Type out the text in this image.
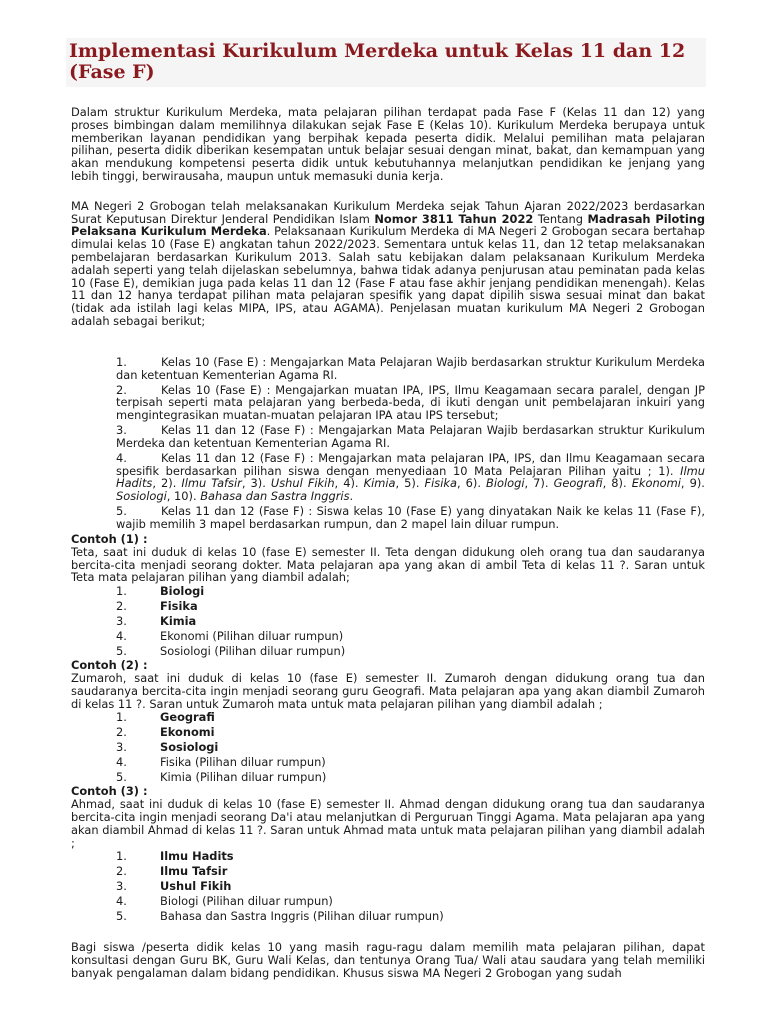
Implementasi Kurikulum Merdeka untuk Kelas 11 dan 12 (Fase F)

Dalam struktur Kurikulum Merdeka, mata pelajaran pilihan terdapat pada Fase F (Kelas 11 dan 12) yang proses bimbingan dalam memilihnya dilakukan sejak Fase E (Kelas 10). Kurikulum Merdeka berupaya untuk memberikan layanan pendidikan yang berpihak kepada peserta didik. Melalui pemilihan mata pelajaran pilihan, peserta didik diberikan kesempatan untuk belajar sesuai dengan minat, bakat, dan kemampuan yang akan mendukung kompetensi peserta didik untuk kebutuhannya melanjutkan pendidikan ke jenjang yang lebih tinggi, berwirausaha, maupun untuk memasuki dunia kerja.

MA Negeri 2 Grobogan telah melaksanakan Kurikulum Merdeka sejak Tahun Ajaran 2022/2023 berdasarkan Surat Keputusan Direktur Jenderal Pendidikan Islam Nomor 3811 Tahun 2022 Tentang Madrasah Piloting Pelaksana Kurikulum Merdeka. Pelaksanaan Kurikulum Merdeka di MA Negeri 2 Grobogan secara bertahap dimulai kelas 10 (Fase E) angkatan tahun 2022/2023. Sementara untuk kelas 11, dan 12 tetap melaksanakan pembelajaran berdasarkan Kurikulum 2013. Salah satu kebijakan dalam pelaksanaan Kurikulum Merdeka adalah seperti yang telah dijelaskan sebelumnya, bahwa tidak adanya penjurusan atau peminatan pada kelas 10 (Fase E), demikian juga pada kelas 11 dan 12 (Fase F atau fase akhir jenjang pendidikan menengah). Kelas 11 dan 12 hanya terdapat pilihan mata pelajaran spesifik yang dapat dipilih siswa sesuai minat dan bakat (tidak ada istilah lagi kelas MIPA, IPS, atau AGAMA). Penjelasan muatan kurikulum MA Negeri 2 Grobogan adalah sebagai berikut;

1.	Kelas 10 (Fase E) : Mengajarkan Mata Pelajaran Wajib berdasarkan struktur Kurikulum Merdeka dan ketentuan Kementerian Agama RI.
2.	Kelas 10 (Fase E) : Mengajarkan muatan IPA, IPS, Ilmu Keagamaan secara paralel, dengan JP terpisah seperti mata pelajaran yang berbeda-beda, di ikuti dengan unit pembelajaran inkuiri yang mengintegrasikan muatan-muatan pelajaran IPA atau IPS tersebut;
3.	Kelas 11 dan 12 (Fase F) : Mengajarkan Mata Pelajaran Wajib berdasarkan struktur Kurikulum Merdeka dan ketentuan Kementerian Agama RI.
4.	Kelas 11 dan 12 (Fase F) : Mengajarkan mata pelajaran IPA, IPS, dan Ilmu Keagamaan secara spesifik berdasarkan pilihan siswa dengan menyediaan 10 Mata Pelajaran Pilihan yaitu ; 1). Ilmu Hadits, 2). Ilmu Tafsir, 3). Ushul Fikih, 4). Kimia, 5). Fisika, 6). Biologi, 7). Geografi, 8). Ekonomi, 9). Sosiologi, 10). Bahasa dan Sastra Inggris.
5.	Kelas 11 dan 12 (Fase F) : Siswa kelas 10 (Fase E) yang dinyatakan Naik ke kelas 11 (Fase F), wajib memilih 3 mapel berdasarkan rumpun, dan 2 mapel lain diluar rumpun.
Contoh (1) :
Teta, saat ini duduk di kelas 10 (fase E) semester II. Teta dengan didukung oleh orang tua dan saudaranya bercita-cita menjadi seorang dokter. Mata pelajaran apa yang akan di ambil Teta di kelas 11 ?. Saran untuk Teta mata pelajaran pilihan yang diambil adalah;
1.	Biologi
2.	Fisika
3.	Kimia
4.	Ekonomi (Pilihan diluar rumpun)
5.	Sosiologi (Pilihan diluar rumpun)
Contoh (2) :
Zumaroh, saat ini duduk di kelas 10 (fase E) semester II. Zumaroh dengan didukung orang tua dan saudaranya bercita-cita ingin menjadi seorang guru Geografi. Mata pelajaran apa yang akan diambil Zumaroh di kelas 11 ?. Saran untuk Zumaroh mata untuk mata pelajaran pilihan yang diambil adalah ;
1.	Geografi
2.	Ekonomi
3.	Sosiologi
4.	Fisika (Pilihan diluar rumpun)
5.	Kimia (Pilihan diluar rumpun)
Contoh (3) :
Ahmad, saat ini duduk di kelas 10 (fase E) semester II. Ahmad dengan didukung orang tua dan saudaranya bercita-cita ingin menjadi seorang Da'i atau melanjutkan di Perguruan Tinggi Agama. Mata pelajaran apa yang akan diambil Ahmad di kelas 11 ?. Saran untuk Ahmad mata untuk mata pelajaran pilihan yang diambil adalah ;
1.	Ilmu Hadits
2.	Ilmu Tafsir
3.	Ushul Fikih
4.	Biologi (Pilihan diluar rumpun)
5.	Bahasa dan Sastra Inggris (Pilihan diluar rumpun)

Bagi siswa /peserta didik kelas 10 yang masih ragu-ragu dalam memilih mata pelajaran pilihan, dapat konsultasi dengan Guru BK, Guru Wali Kelas, dan tentunya Orang Tua/ Wali atau saudara yang telah memiliki banyak pengalaman dalam bidang pendidikan. Khusus siswa MA Negeri 2 Grobogan yang sudah
